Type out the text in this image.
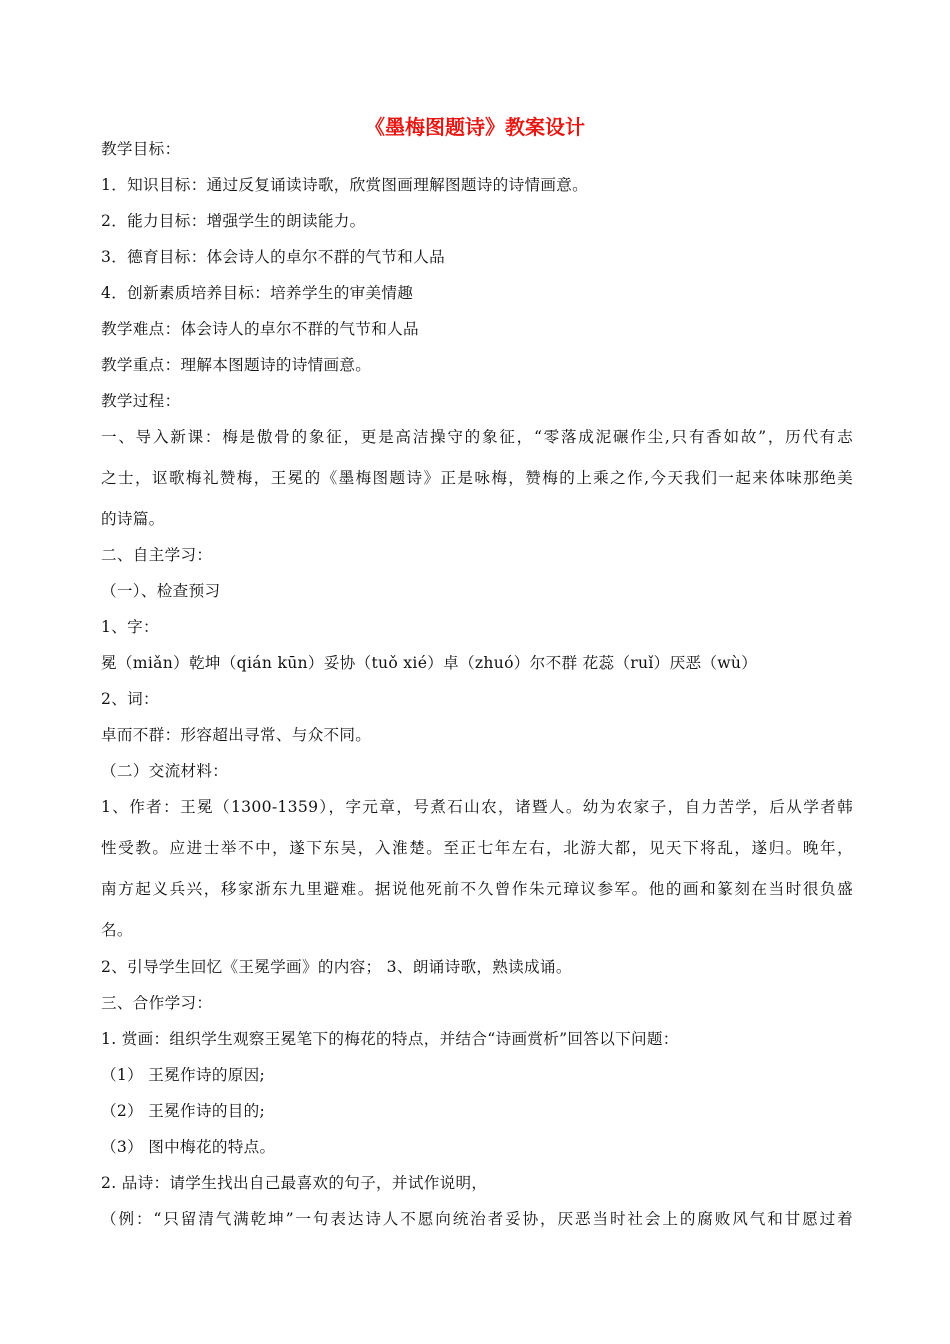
《墨梅图题诗》教案设计
教学目标：
1．知识目标：通过反复诵读诗歌，欣赏图画理解图题诗的诗情画意。
2．能力目标：增强学生的朗读能力。
3．德育目标：体会诗人的卓尔不群的气节和人品
4．创新素质培养目标：培养学生的审美情趣
教学难点：体会诗人的卓尔不群的气节和人品
教学重点：理解本图题诗的诗情画意。
教学过程：
一、导入新课：梅是傲骨的象征，更是高洁操守的象征，“零落成泥碾作尘,只有香如故”，历代有志
之士，讴歌梅礼赞梅，王冕的《墨梅图题诗》正是咏梅，赞梅的上乘之作,今天我们一起来体味那绝美
的诗篇。
二、自主学习：
（一）、检查预习
1、字：
冕（miǎn）乾坤（qián kūn）妥协（tuǒ xié）卓（zhuó）尔不群 花蕊（ruǐ）厌恶（wù）
2、词：
卓而不群：形容超出寻常、与众不同。
（二）交流材料：
1、作者：王冕（1300-1359），字元章，号煮石山农，诸暨人。幼为农家子，自力苦学，后从学者韩
性受教。应进士举不中，遂下东吴，入淮楚。至正七年左右，北游大都，见天下将乱，遂归。晚年，
南方起义兵兴，移家浙东九里避难。据说他死前不久曾作朱元璋议参军。他的画和篆刻在当时很负盛
名。
2、引导学生回忆《王冕学画》的内容； 3、朗诵诗歌，熟读成诵。
三、合作学习：
1. 赏画：组织学生观察王冕笔下的梅花的特点，并结合“诗画赏析”回答以下问题：
（1） 王冕作诗的原因;
（2） 王冕作诗的目的;
（3） 图中梅花的特点。
2. 品诗：请学生找出自己最喜欢的句子，并试作说明，
（例：“只留清气满乾坤”一句表达诗人不愿向统治者妥协，厌恶当时社会上的腐败风气和甘愿过着
